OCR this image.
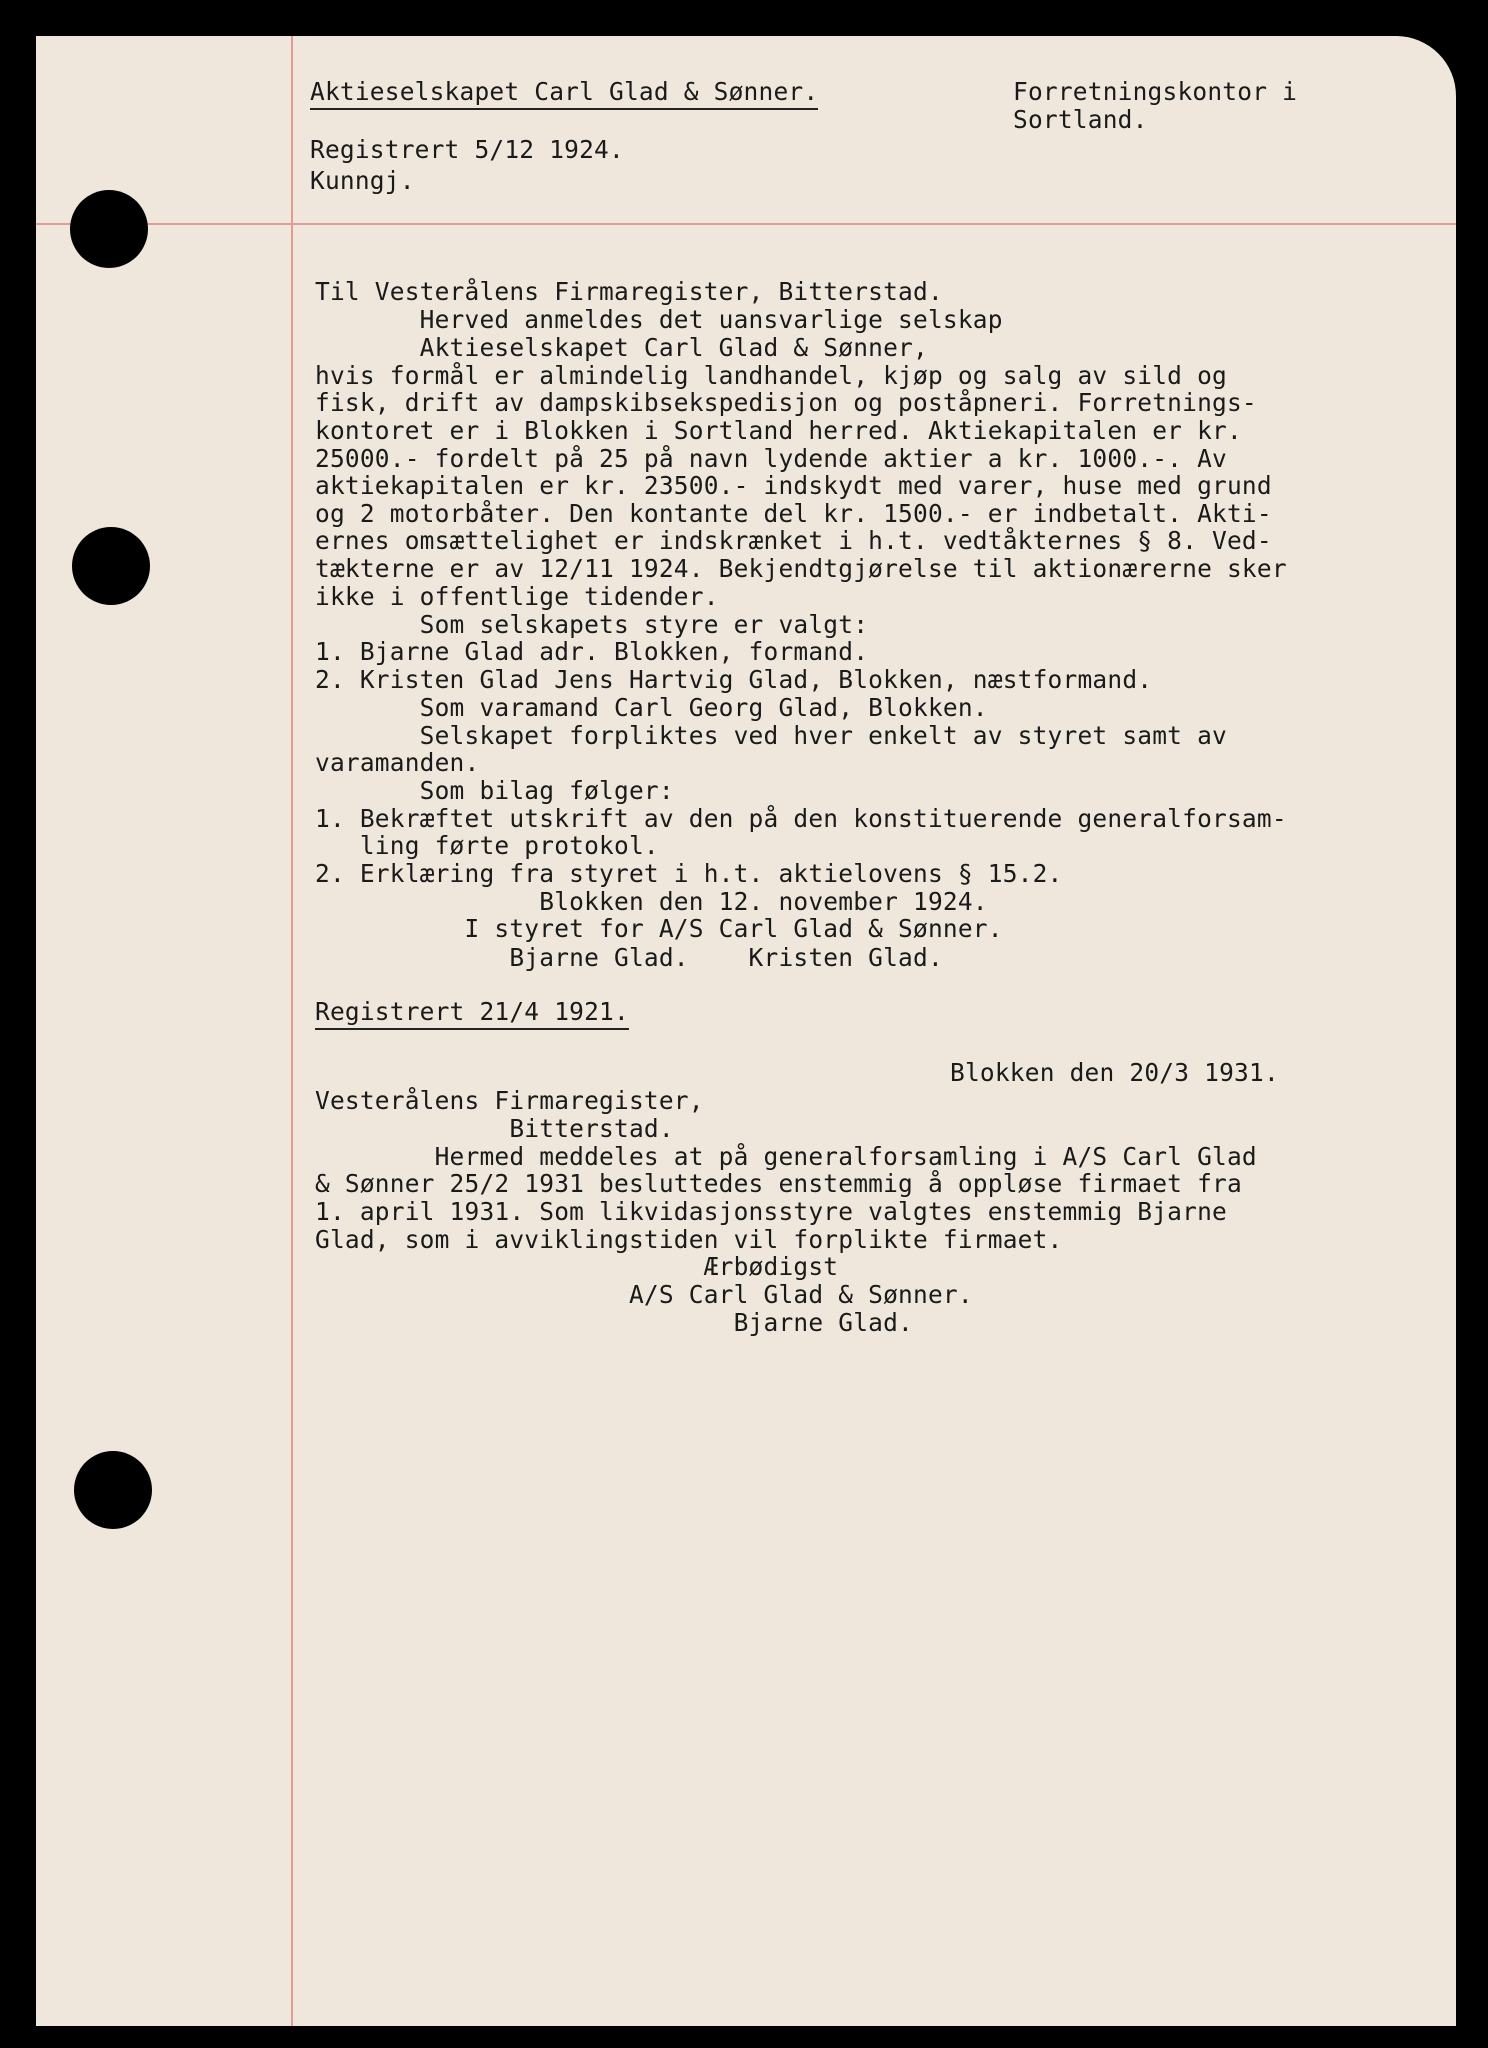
Aktieselskapet Carl Glad & Sønner.	Forretningskontor i
Sortland.
Registrert 5/12 1924.
Kunngj.
Til Vesterålens Firmaregister, Bitterstad.
Herved anmeldes det uansvarlige selskap
Aktieselskapet Carl Glad & Sønner,
hvis formål er almindelig landhandel, kjøp og salg av sild og
fisk, drift av dampskibsekspedisjon og poståpneri. Forretnings-
kontoret er i Blokken i Sortland herred. Aktiekapitalen er kr.
25000.- fordelt på 25 på navn lydende aktier a kr. 1000.-. Av
aktiekapitalen er kr. 23500.- indskydt med varer, huse med grund
og 2 motorbåter. Den kontante del kr. 1500.- er indbetalt. Akti-
ernes omsættelighet er indskrænket i h.t. vedtåkternes § 8. Ved-
tækterne er av 12/11 1924. Bekjendtgjørelse til aktionærerne sker
ikke i offentlige tidender.
Som selskapets styre er valgt:
1. Bjarne Glad adr. Blokken, formand.
2. Kristen Glad Jens Hartvig Glad, Blokken, næstformand.
Som varamand Carl Georg Glad, Blokken.
Selskapet forpliktes ved hver enkelt av styret samt av
varamanden.
Som bilag følger:
1. Bekræftet utskrift av den på den konstituerende generalforsam-
ling førte protokol.
2. Erklæring fra styret i h.t. aktielovens § 15.2.
Blokken den 12. november 1924.
I styret for A/S Carl Glad & Sønner.
Bjarne Glad.    Kristen Glad.
Registrert 21/4 1921.
Blokken den 20/3 1931.
Vesterålens Firmaregister,
Bitterstad.
Hermed meddeles at på generalforsamling i A/S Carl Glad
& Sønner 25/2 1931 besluttedes enstemmig å oppløse firmaet fra
1. april 1931. Som likvidasjonsstyre valgtes enstemmig Bjarne
Glad, som i avviklingstiden vil forplikte firmaet.
Ærbødigst
A/S Carl Glad & Sønner.
Bjarne Glad.
